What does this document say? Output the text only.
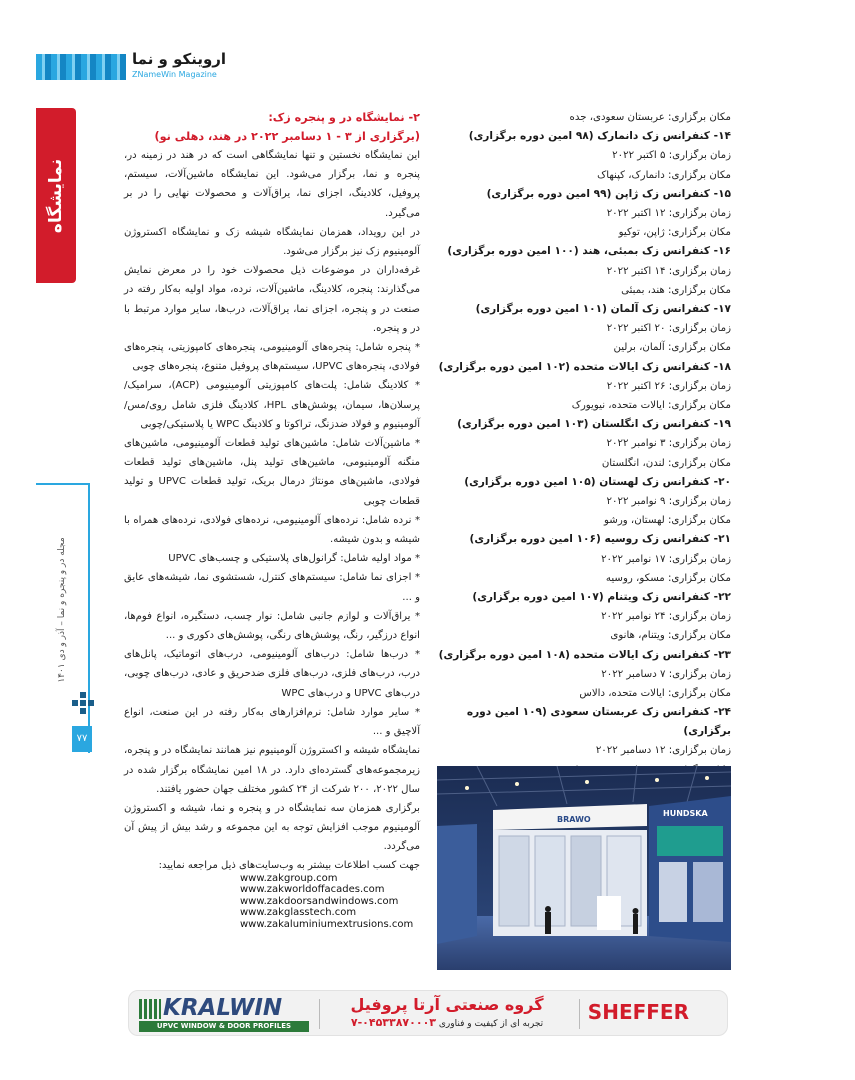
اروینکو و نما
ZNameWin Magazine
نمایشگاه
مجله در و پنجره و نما – آذر و دی ۱۴۰۱
۷۷
مکان برگزاری: عربستان سعودی، جده
۱۴- کنفرانس زک دانمارک (۹۸ امین دوره برگزاری)
زمان برگزاری: ۵ اکتبر ۲۰۲۲
مکان برگزاری: دانمارک، کپنهاک
۱۵- کنفرانس زک ژاپن (۹۹ امین دوره برگزاری)
زمان برگزاری: ۱۲ اکتبر ۲۰۲۲
مکان برگزاری: ژاپن، توکیو
۱۶- کنفرانس زک بمبئی، هند (۱۰۰ امین دوره برگزاری)
زمان برگزاری: ۱۴ اکتبر ۲۰۲۲
مکان برگزاری: هند، بمبئی
۱۷- کنفرانس زک آلمان (۱۰۱ امین دوره برگزاری)
زمان برگزاری: ۲۰ اکتبر ۲۰۲۲
مکان برگزاری: آلمان، برلین
۱۸- کنفرانس زک ایالات متحده (۱۰۲ امین دوره برگزاری)
زمان برگزاری: ۲۶ اکتبر ۲۰۲۲
مکان برگزاری: ایالات متحده، نیویورک
۱۹- کنفرانس زک انگلستان (۱۰۳ امین دوره برگزاری)
زمان برگزاری: ۳ نوامبر ۲۰۲۲
مکان برگزاری: لندن، انگلستان
۲۰- کنفرانس زک لهستان (۱۰۵ امین دوره برگزاری)
زمان برگزاری: ۹ نوامبر ۲۰۲۲
مکان برگزاری: لهستان، ورشو
۲۱- کنفرانس زک روسیه (۱۰۶ امین دوره برگزاری)
زمان برگزاری: ۱۷ نوامبر ۲۰۲۲
مکان برگزاری: مسکو، روسیه
۲۲- کنفرانس زک ویتنام (۱۰۷ امین دوره برگزاری)
زمان برگزاری: ۲۴ نوامبر ۲۰۲۲
مکان برگزاری: ویتنام، هانوی
۲۳- کنفرانس زک ایالات متحده (۱۰۸ امین دوره برگزاری)
زمان برگزاری: ۷ دسامبر ۲۰۲۲
مکان برگزاری: ایالات متحده، دالاس
۲۴- کنفرانس زک عربستان سعودی (۱۰۹ امین دوره برگزاری)
زمان برگزاری: ۱۲ دسامبر ۲۰۲۲
۲- نمایشگاه در و پنجره زک:
(برگزاری از ۳ - ۱ دسامبر ۲۰۲۲ در هند، دهلی نو)
این نمایشگاه نخستین و تنها نمایشگاهی است که در هند در زمینه در، پنجره و نما، برگزار می‌شود. این نمایشگاه ماشین‌آلات، سیستم، پروفیل، کلادینگ، اجزای نما، یراق‌آلات و محصولات نهایی را در بر می‌گیرد.
در این رویداد، همزمان نمایشگاه شیشه زک و نمایشگاه اکستروژن آلومینیوم زک نیز برگزار می‌شود.
غرفه‌داران در موضوعات ذیل محصولات خود را در معرض نمایش می‌گذارند: پنجره، کلادینگ، ماشین‌آلات، نرده، مواد اولیه به‌کار رفته در صنعت در و پنجره، اجزای نما، یراق‌آلات، درب‌ها، سایر موارد مرتبط با در و پنجره.
* پنجره شامل: پنجره‌های آلومینیومی، پنجره‌های کامپوزیتی، پنجره‌های فولادی، پنجره‌های UPVC، سیستم‌های پروفیل متنوع، پنجره‌های چوبی
* کلادینگ شامل: پلت‌های کامپوزیتی آلومینیومی (ACP)، سرامیک/پرسلان‌ها، سیمان، پوشش‌های HPL، کلادینگ فلزی شامل روی/مس/آلومینیوم و فولاد ضدزنگ، تراکوتا و کلادینگ WPC یا پلاستیکی/چوبی
* ماشین‌آلات شامل: ماشین‌های تولید قطعات آلومینیومی، ماشین‌های منگنه آلومینیومی، ماشین‌های تولید پنل، ماشین‌های تولید قطعات فولادی، ماشین‌های مونتاژ درمال بریک، تولید قطعات UPVC و تولید قطعات چوبی
* نرده شامل: نرده‌های آلومینیومی، نرده‌های فولادی، نرده‌های همراه با شیشه و بدون شیشه.
* مواد اولیه شامل: گرانول‌های پلاستیکی و چسب‌های UPVC
* اجزای نما شامل: سیستم‌های کنترل، شستشوی نما، شیشه‌های عایق و ...
* یراق‌آلات و لوازم جانبی شامل: نوار چسب، دستگیره، انواع فوم‌ها، انواع درزگیر، رنگ، پوشش‌های رنگی، پوشش‌های دکوری و ...
* درب‌ها شامل: درب‌های آلومینیومی، درب‌های اتوماتیک، پانل‌های درب، درب‌های فلزی، درب‌های فلزی ضدحریق و عادی، درب‌های چوبی، درب‌های UPVC و درب‌های WPC
* سایر موارد شامل: نرم‌افزارهای به‌کار رفته در این صنعت، انواع آلاچیق و ...
نمایشگاه شیشه و اکستروژن آلومینیوم نیز همانند نمایشگاه در و پنجره، زیرمجموعه‌های گسترده‌ای دارد. در ۱۸ امین نمایشگاه برگزار شده در سال ۲۰۲۲، ۲۰۰ شرکت از ۲۴ کشور مختلف جهان حضور یافتند.
برگزاری همزمان سه نمایشگاه در و پنجره و نما، شیشه و اکستروژن آلومینیوم موجب افزایش توجه به این مجموعه و رشد بیش از پیش آن می‌گردد.
جهت کسب اطلاعات بیشتر به وب‌سایت‌های ذیل مراجعه نمایید:
www.zakgroup.com
www.zakworldoffacades.com
www.zakdoorsandwindows.com
www.zakglasstech.com
www.zakaluminiumextrusions.com
BRAWO
HUNDSKA
KRALWIN
UPVC WINDOW & DOOR PROFILES
گروه صنعتی آرتا پروفیل
تجربه ای از کیفیت و فناوری ۰۴۵۳۳۸۷۰۰۰۳-۷	SHEFFER
